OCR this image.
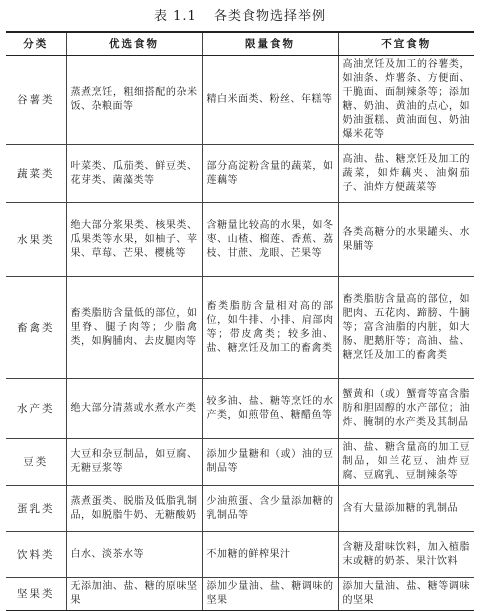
表 1.1 各类食物选择举例
分类	优选食物	限量食物	不宜食物
谷薯类	蒸煮烹饪，粗细搭配的杂米饭、杂粮面等	精白米面类、粉丝、年糕等	高油烹饪及加工的谷薯类，如油条、炸薯条、方便面、干脆面、面制辣条等；添加糖、奶油、黄油的点心，如奶油蛋糕、黄油面包、奶油爆米花等
蔬菜类	叶菜类、瓜茄类、鲜豆类、花芽类、菌藻类等	部分高淀粉含量的蔬菜，如莲藕等	高油、盐、糖烹饪及加工的蔬菜，如炸藕夹、油焖茄子、油炸方便蔬菜等
水果类	绝大部分浆果类、核果类、瓜果类等水果，如柚子、苹果、草莓、芒果、樱桃等	含糖量比较高的水果，如冬枣、山楂、榴莲、香蕉、荔枝、甘蔗、龙眼、芒果等	各类高糖分的水果罐头、水果脯等
畜禽类	畜类脂肪含量低的部位，如里脊、腿子肉等；少脂禽类，如胸脯肉、去皮腿肉等	畜类脂肪含量相对高的部位，如牛排、小排、肩部肉等；带皮禽类；较多油、盐、糖烹饪及加工的畜禽类	畜类脂肪含量高的部位，如肥肉、五花肉、蹄膀、牛腩等；富含油脂的内脏，如大肠、肥鹅肝等；高油、盐、糖烹饪及加工的畜禽类
水产类	绝大部分清蒸或水煮水产类	较多油、盐、糖等烹饪的水产类，如煎带鱼、糖醋鱼等	蟹黄和（或）蟹膏等富含脂肪和胆固醇的水产部位；油炸、腌制的水产类及其制品
豆类	大豆和杂豆制品，如豆腐、无糖豆浆等	添加少量糖和（或）油的豆制品等	油、盐、糖含量高的加工豆制品，如兰花豆、油炸豆腐、豆腐乳、豆制辣条等
蛋乳类	蒸煮蛋类、脱脂及低脂乳制品，如脱脂牛奶、无糖酸奶	少油煎蛋、含少量添加糖的乳制品等	含有大量添加糖的乳制品
饮料类	白水、淡茶水等	不加糖的鲜榨果汁	含糖及甜味饮料，加入植脂末或糖的奶茶、果汁饮料
坚果类	无添加油、盐、糖的原味坚果	添加少量油、盐、糖调味的坚果	添加大量油、盐、糖等调味的坚果
